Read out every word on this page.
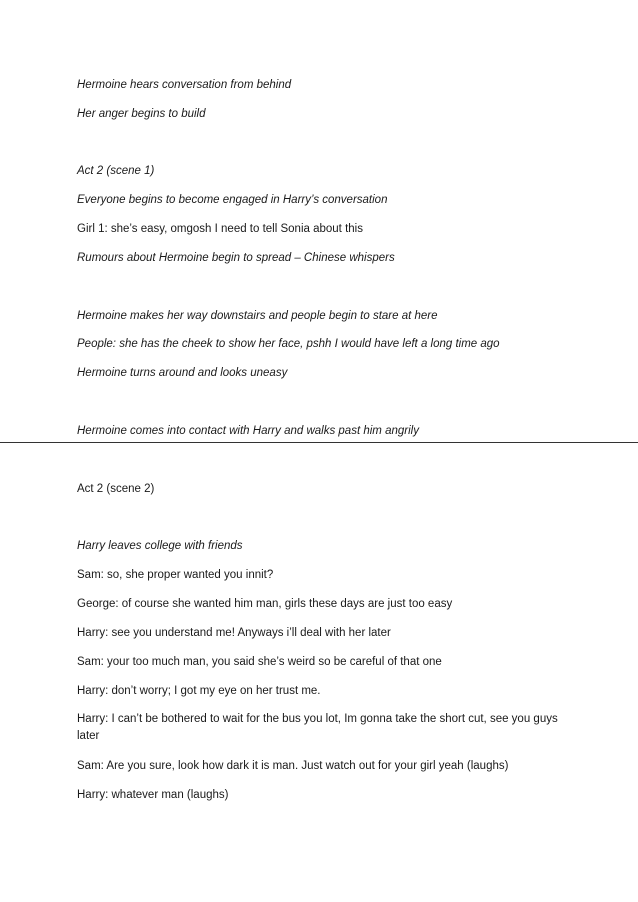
Hermoine hears conversation from behind
Her anger begins to build
Act 2 (scene 1)
Everyone begins to become engaged in Harry’s conversation
Girl 1: she’s easy, omgosh I need to tell Sonia about this
Rumours about Hermoine begin to spread – Chinese whispers
Hermoine makes her way downstairs and people begin to stare at here
People: she has the cheek to show her face, pshh I would have left a long time ago
Hermoine turns around and looks uneasy
Hermoine comes into contact with Harry and walks past him angrily
Act 2 (scene 2)
Harry leaves college with friends
Sam: so, she proper wanted you innit?
George: of course she wanted him man, girls these days are just too easy
Harry: see you understand me! Anyways i’ll deal with her later
Sam: your too much man, you said she’s weird so be careful of that one
Harry: don’t worry; I got my eye on her trust me.
Harry: I can’t be bothered to wait for the bus you lot, Im gonna take the short cut, see you guys later
Sam: Are you sure, look how dark it is man. Just watch out for your girl yeah (laughs)
Harry: whatever man (laughs)
